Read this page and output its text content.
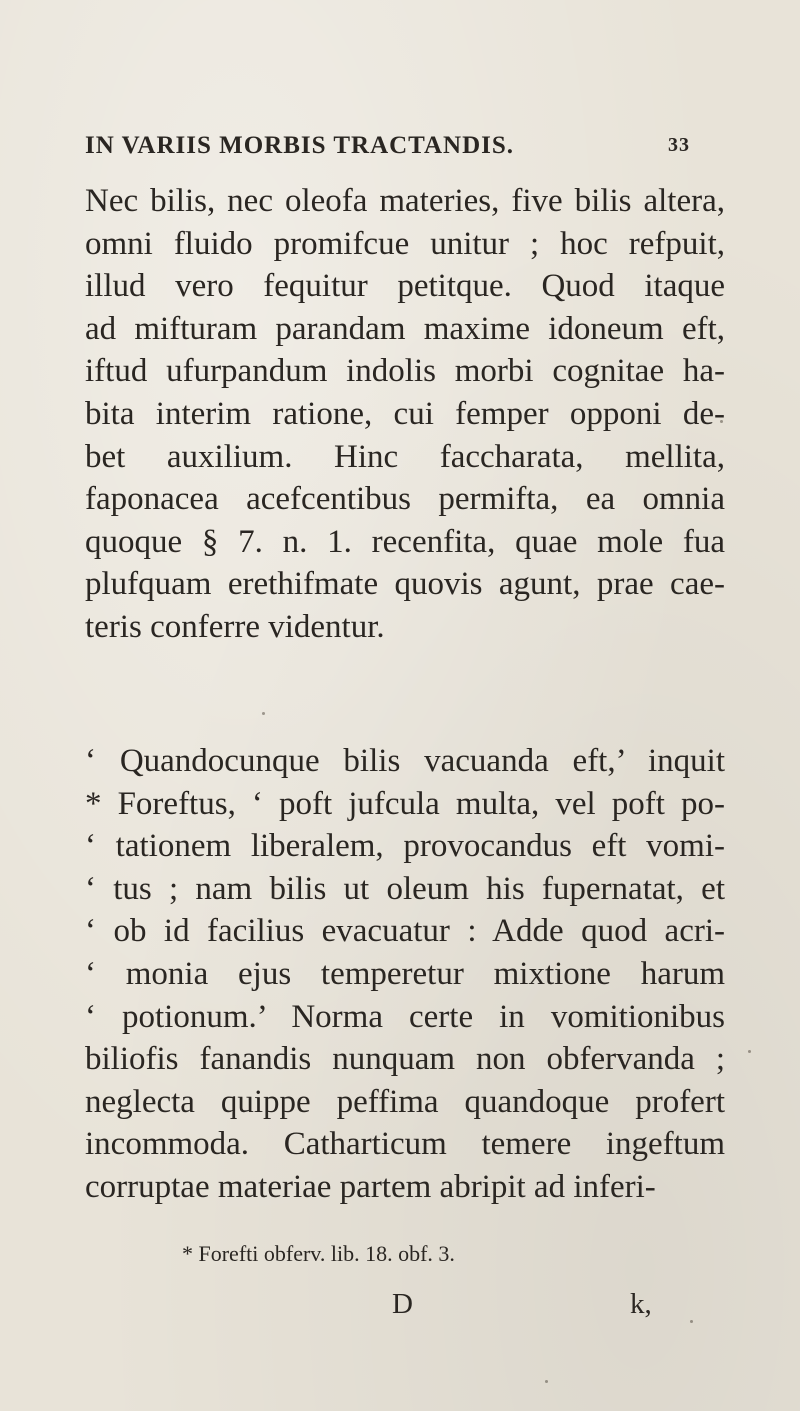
IN VARIIS MORBIS TRACTANDIS.	33
Nec bilis, nec oleofa materies, five bilis altera,
omni fluido promifcue unitur ; hoc refpuit,
illud vero fequitur petitque. Quod itaque
ad mifturam parandam maxime idoneum eft,
iftud ufurpandum indolis morbi cognitae ha-
bita interim ratione, cui femper opponi de-
bet auxilium. Hinc faccharata, mellita,
faponacea acefcentibus permifta, ea omnia
quoque § 7. n. 1. recenfita, quae mole fua
plufquam erethifmate quovis agunt, prae cae-
teris conferre videntur.
‘ Quandocunque bilis vacuanda eft,’ inquit
* Foreftus, ‘ poft jufcula multa, vel poft po-
‘ tationem liberalem, provocandus eft vomi-
‘ tus ; nam bilis ut oleum his fupernatat, et
‘ ob id facilius evacuatur : Adde quod acri-
‘ monia ejus temperetur mixtione harum
‘ potionum.’ Norma certe in vomitionibus
biliofis fanandis nunquam non obfervanda ;
neglecta quippe peffima quandoque profert
incommoda. Catharticum temere ingeftum
corruptae materiae partem abripit ad inferi-
* Forefti obferv. lib. 18. obf. 3.
D	k,
